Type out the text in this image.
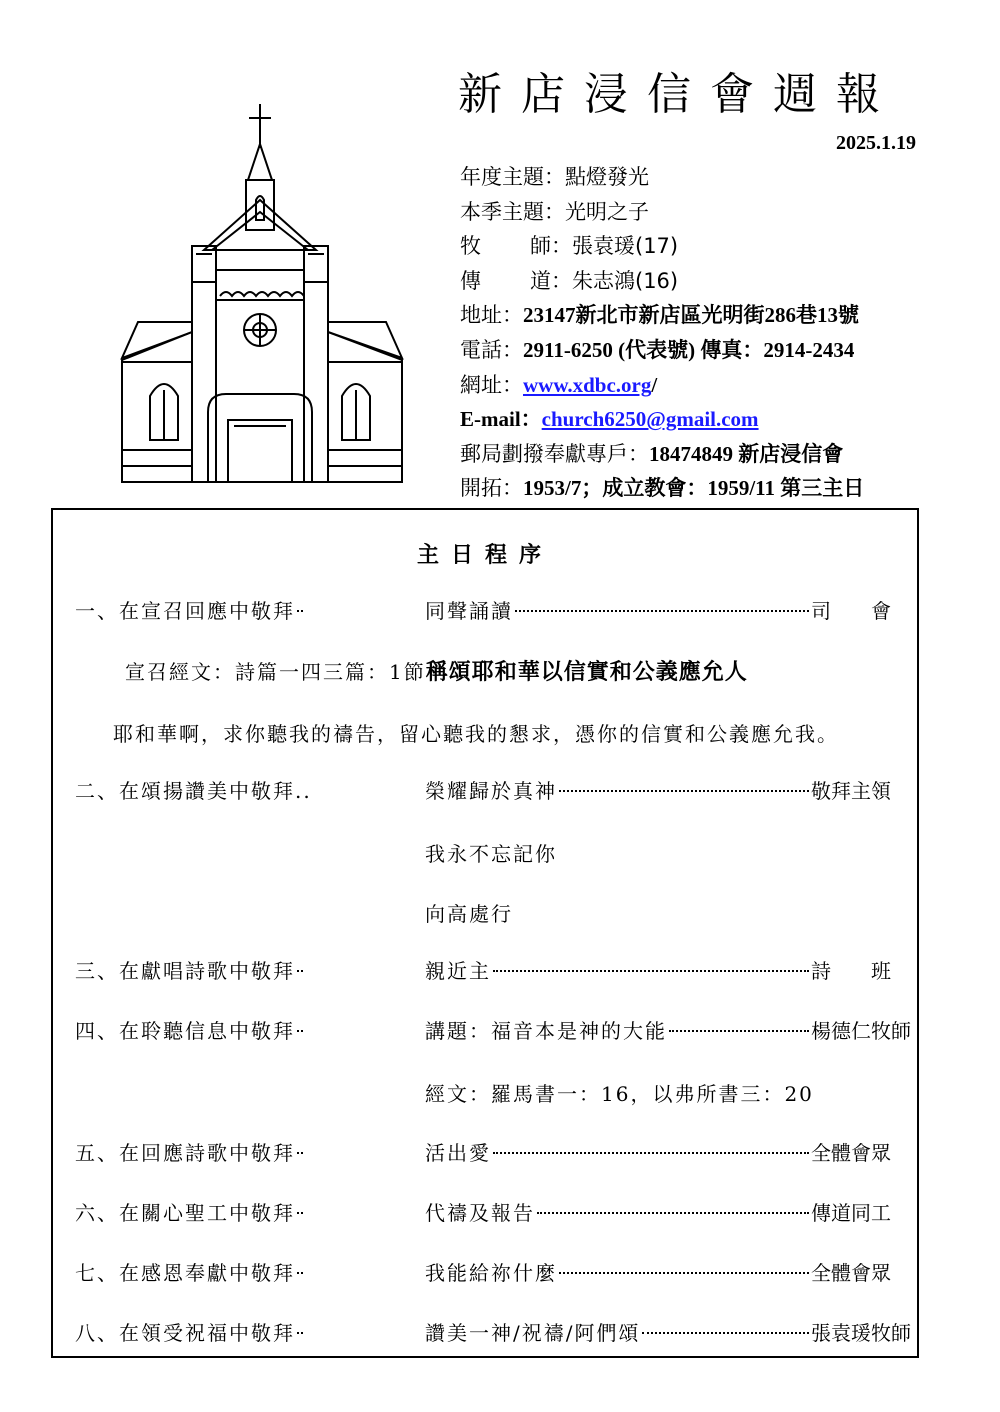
新店浸信會週報
2025.1.19
年度主題：點燈發光
本季主題：光明之子
牧 師：張袁瑗(17)
傳 道：朱志鴻(16)
地址：23147新北市新店區光明街286巷13號
電話：2911-6250 (代表號) 傳真：2914-2434
網址：www.xdbc.org/
E-mail：church6250@gmail.com
郵局劃撥奉獻專戶：18474849 新店浸信會
開拓：1953/7；成立教會：1959/11 第三主日
主日程序
一、在宣召回應中敬拜	同聲誦讀	司　　會
宣召經文：詩篇一四三篇：1節稱頌耶和華以信實和公義應允人
耶和華啊，求你聽我的禱告，留心聽我的懇求，憑你的信實和公義應允我。
二、在頌揚讚美中敬拜..	榮耀歸於真神	敬拜主領
我永不忘記你
向高處行
三、在獻唱詩歌中敬拜	親近主	詩　　班
四、在聆聽信息中敬拜	講題：福音本是神的大能	楊德仁牧師
經文：羅馬書一：16，以弗所書三：20
五、在回應詩歌中敬拜	活出愛	全體會眾
六、在關心聖工中敬拜	代禱及報告	傳道同工
七、在感恩奉獻中敬拜	我能給祢什麼	全體會眾
八、在領受祝福中敬拜	讚美一神/祝禱/阿們頌	張袁瑗牧師
